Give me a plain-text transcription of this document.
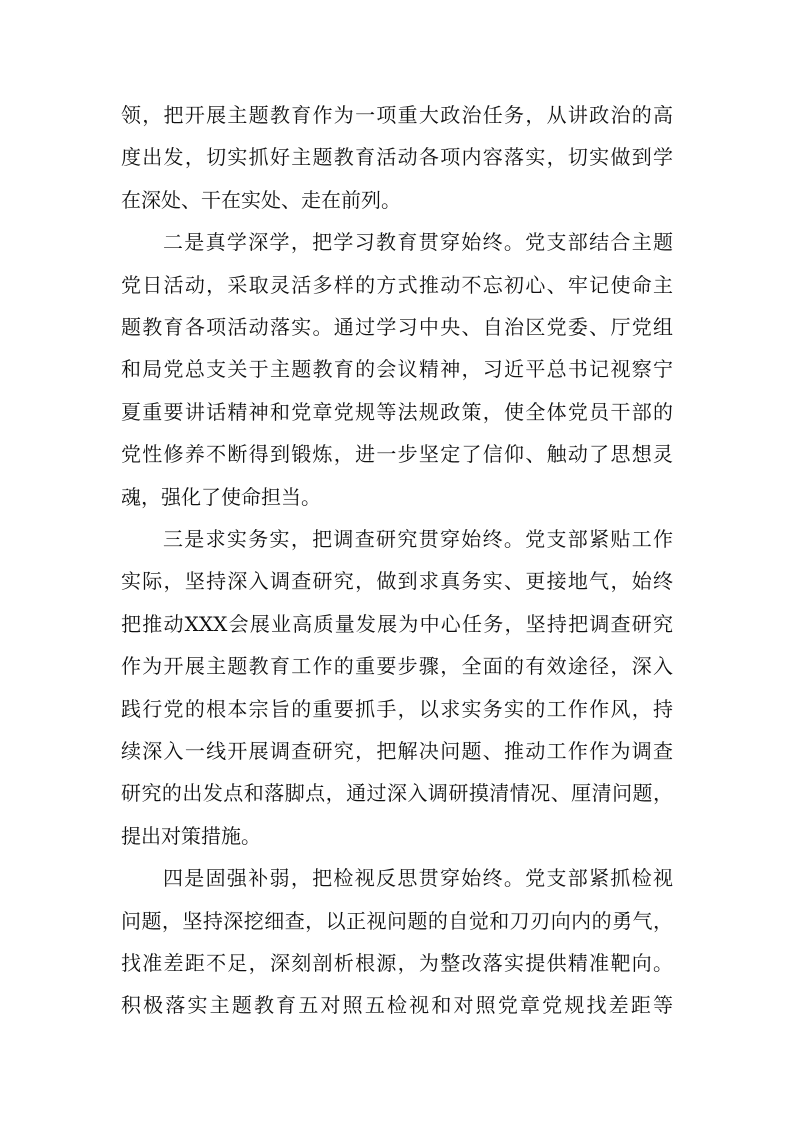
领，把开展主题教育作为一项重大政治任务，从讲政治的高
度出发，切实抓好主题教育活动各项内容落实，切实做到学
在深处、干在实处、走在前列。
二是真学深学，把学习教育贯穿始终。党支部结合主题
党日活动，采取灵活多样的方式推动不忘初心、牢记使命主
题教育各项活动落实。通过学习中央、自治区党委、厅党组
和局党总支关于主题教育的会议精神，习近平总书记视察宁
夏重要讲话精神和党章党规等法规政策，使全体党员干部的
党性修养不断得到锻炼，进一步坚定了信仰、触动了思想灵
魂，强化了使命担当。
三是求实务实，把调查研究贯穿始终。党支部紧贴工作
实际，坚持深入调查研究，做到求真务实、更接地气，始终
把推动XXX会展业高质量发展为中心任务，坚持把调查研究
作为开展主题教育工作的重要步骤，全面的有效途径，深入
践行党的根本宗旨的重要抓手，以求实务实的工作作风，持
续深入一线开展调查研究，把解决问题、推动工作作为调查
研究的出发点和落脚点，通过深入调研摸清情况、厘清问题，
提出对策措施。
四是固强补弱，把检视反思贯穿始终。党支部紧抓检视
问题，坚持深挖细查，以正视问题的自觉和刀刃向内的勇气，
找准差距不足，深刻剖析根源，为整改落实提供精准靶向。
积极落实主题教育五对照五检视和对照党章党规找差距等
